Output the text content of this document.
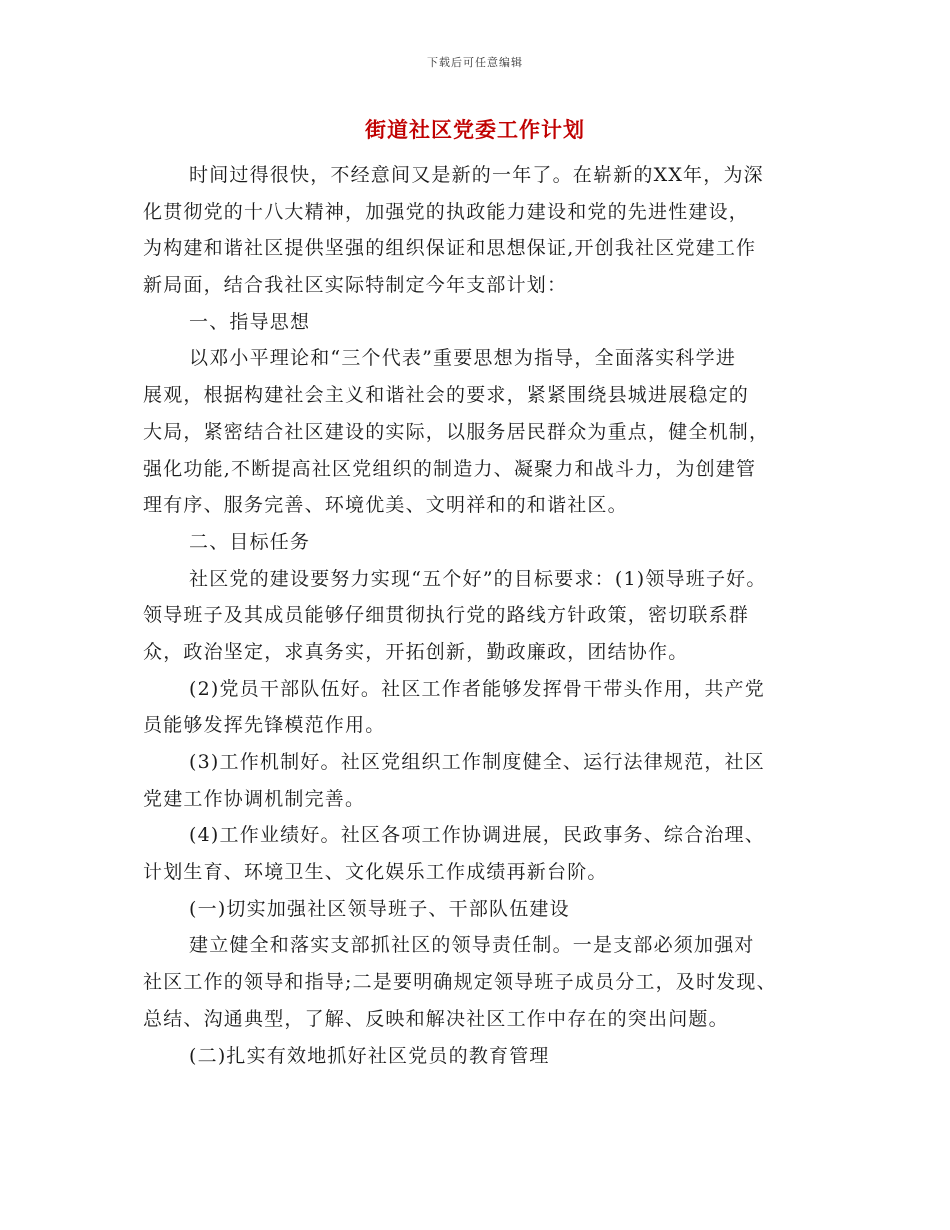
下载后可任意编辑
街道社区党委工作计划
时间过得很快，不经意间又是新的一年了。在崭新的XX年，为深
化贯彻党的十八大精神，加强党的执政能力建设和党的先进性建设，
为构建和谐社区提供坚强的组织保证和思想保证,开创我社区党建工作
新局面，结合我社区实际特制定今年支部计划：
一、指导思想
以邓小平理论和“三个代表”重要思想为指导，全面落实科学进
展观，根据构建社会主义和谐社会的要求，紧紧围绕县城进展稳定的
大局，紧密结合社区建设的实际，以服务居民群众为重点，健全机制，
强化功能,不断提高社区党组织的制造力、凝聚力和战斗力，为创建管
理有序、服务完善、环境优美、文明祥和的和谐社区。
二、目标任务
社区党的建设要努力实现“五个好”的目标要求：(1)领导班子好。
领导班子及其成员能够仔细贯彻执行党的路线方针政策，密切联系群
众，政治坚定，求真务实，开拓创新，勤政廉政，团结协作。
(2)党员干部队伍好。社区工作者能够发挥骨干带头作用，共产党
员能够发挥先锋模范作用。
(3)工作机制好。社区党组织工作制度健全、运行法律规范，社区
党建工作协调机制完善。
(4)工作业绩好。社区各项工作协调进展，民政事务、综合治理、
计划生育、环境卫生、文化娱乐工作成绩再新台阶。
(一)切实加强社区领导班子、干部队伍建设
建立健全和落实支部抓社区的领导责任制。一是支部必须加强对
社区工作的领导和指导;二是要明确规定领导班子成员分工，及时发现、
总结、沟通典型，了解、反映和解决社区工作中存在的突出问题。
(二)扎实有效地抓好社区党员的教育管理
